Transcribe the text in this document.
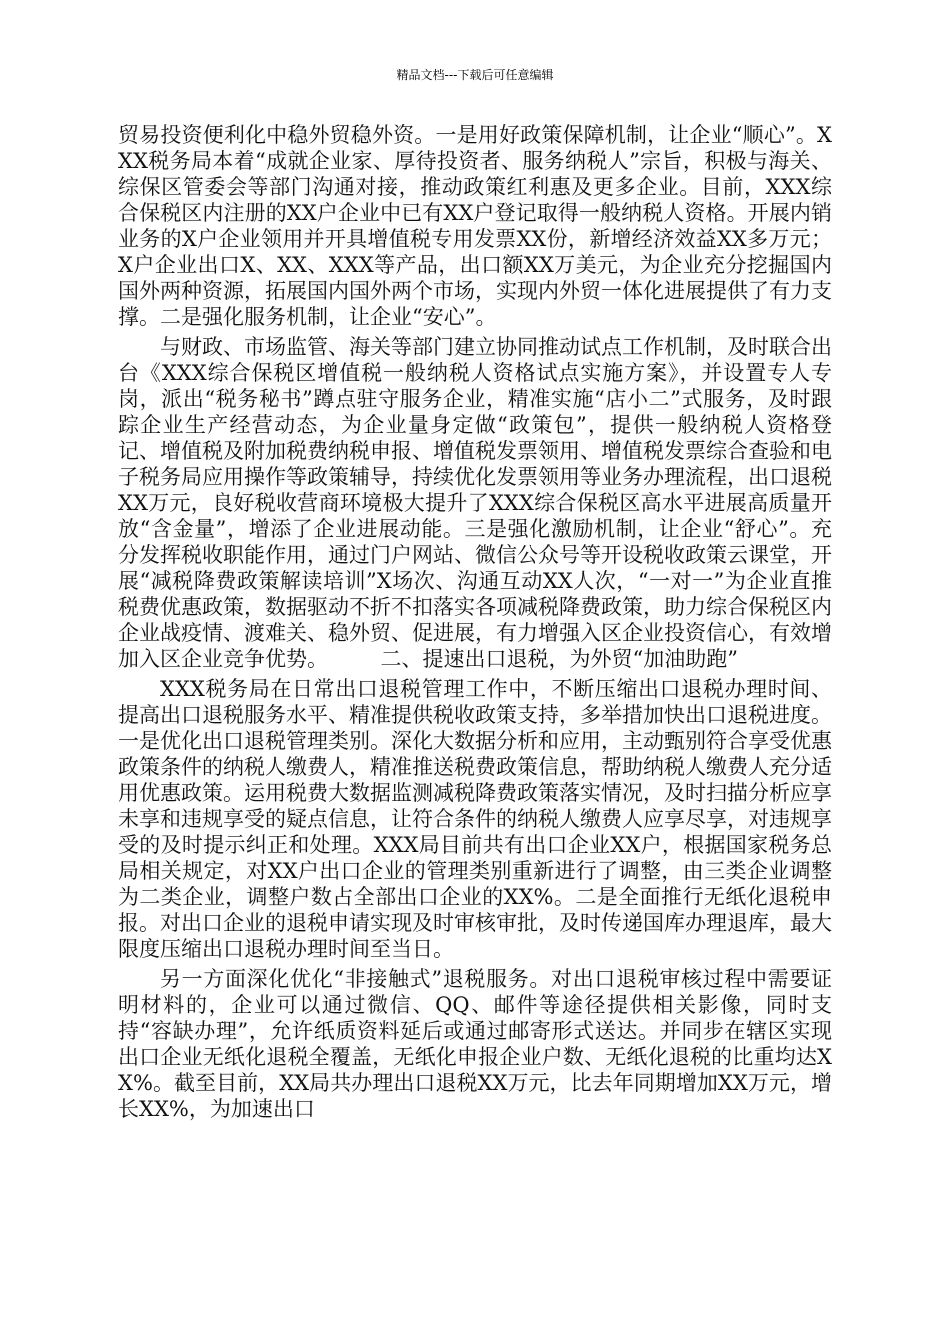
精品文档---下载后可任意编辑

贸易投资便利化中稳外贸稳外资。一是用好政策保障机制，让企业“顺心”。XXX税务局本着“成就企业家、厚待投资者、服务纳税人”宗旨，积极与海关、综保区管委会等部门沟通对接，推动政策红利惠及更多企业。目前，XXX综合保税区内注册的XX户企业中已有XX户登记取得一般纳税人资格。开展内销业务的X户企业领用并开具增值税专用发票XX份，新增经济效益XX多万元；X户企业出口X、XX、XXX等产品，出口额XX万美元，为企业充分挖掘国内国外两种资源，拓展国内国外两个市场，实现内外贸一体化进展提供了有力支撑。二是强化服务机制，让企业“安心”。

与财政、市场监管、海关等部门建立协同推动试点工作机制，及时联合出台《XXX综合保税区增值税一般纳税人资格试点实施方案》，并设置专人专岗，派出“税务秘书”蹲点驻守服务企业，精准实施“店小二”式服务，及时跟踪企业生产经营动态，为企业量身定做“政策包”，提供一般纳税人资格登记、增值税及附加税费纳税申报、增值税发票领用、增值税发票综合查验和电子税务局应用操作等政策辅导，持续优化发票领用等业务办理流程，出口退税XX万元，良好税收营商环境极大提升了XXX综合保税区高水平进展高质量开放“含金量”，增添了企业进展动能。三是强化激励机制，让企业“舒心”。充分发挥税收职能作用，通过门户网站、微信公众号等开设税收政策云课堂，开展“减税降费政策解读培训”X场次、沟通互动XX人次，“一对一”为企业直推税费优惠政策，数据驱动不折不扣落实各项减税降费政策，助力综合保税区内企业战疫情、渡难关、稳外贸、促进展，有力增强入区企业投资信心，有效增加入区企业竞争优势。　　　二、提速出口退税，为外贸“加油助跑”

XXX税务局在日常出口退税管理工作中，不断压缩出口退税办理时间、提高出口退税服务水平、精准提供税收政策支持，多举措加快出口退税进度。一是优化出口退税管理类别。深化大数据分析和应用，主动甄别符合享受优惠政策条件的纳税人缴费人，精准推送税费政策信息，帮助纳税人缴费人充分适用优惠政策。运用税费大数据监测减税降费政策落实情况，及时扫描分析应享未享和违规享受的疑点信息，让符合条件的纳税人缴费人应享尽享，对违规享受的及时提示纠正和处理。XXX局目前共有出口企业XX户，根据国家税务总局相关规定，对XX户出口企业的管理类别重新进行了调整，由三类企业调整为二类企业，调整户数占全部出口企业的XX%。二是全面推行无纸化退税申报。对出口企业的退税申请实现及时审核审批，及时传递国库办理退库，最大限度压缩出口退税办理时间至当日。

另一方面深化优化“非接触式”退税服务。对出口退税审核过程中需要证明材料的，企业可以通过微信、QQ、邮件等途径提供相关影像，同时支持“容缺办理”，允许纸质资料延后或通过邮寄形式送达。并同步在辖区实现出口企业无纸化退税全覆盖，无纸化申报企业户数、无纸化退税的比重均达XX%。截至目前，XX局共办理出口退税XX万元，比去年同期增加XX万元，增长XX%，为加速出口
